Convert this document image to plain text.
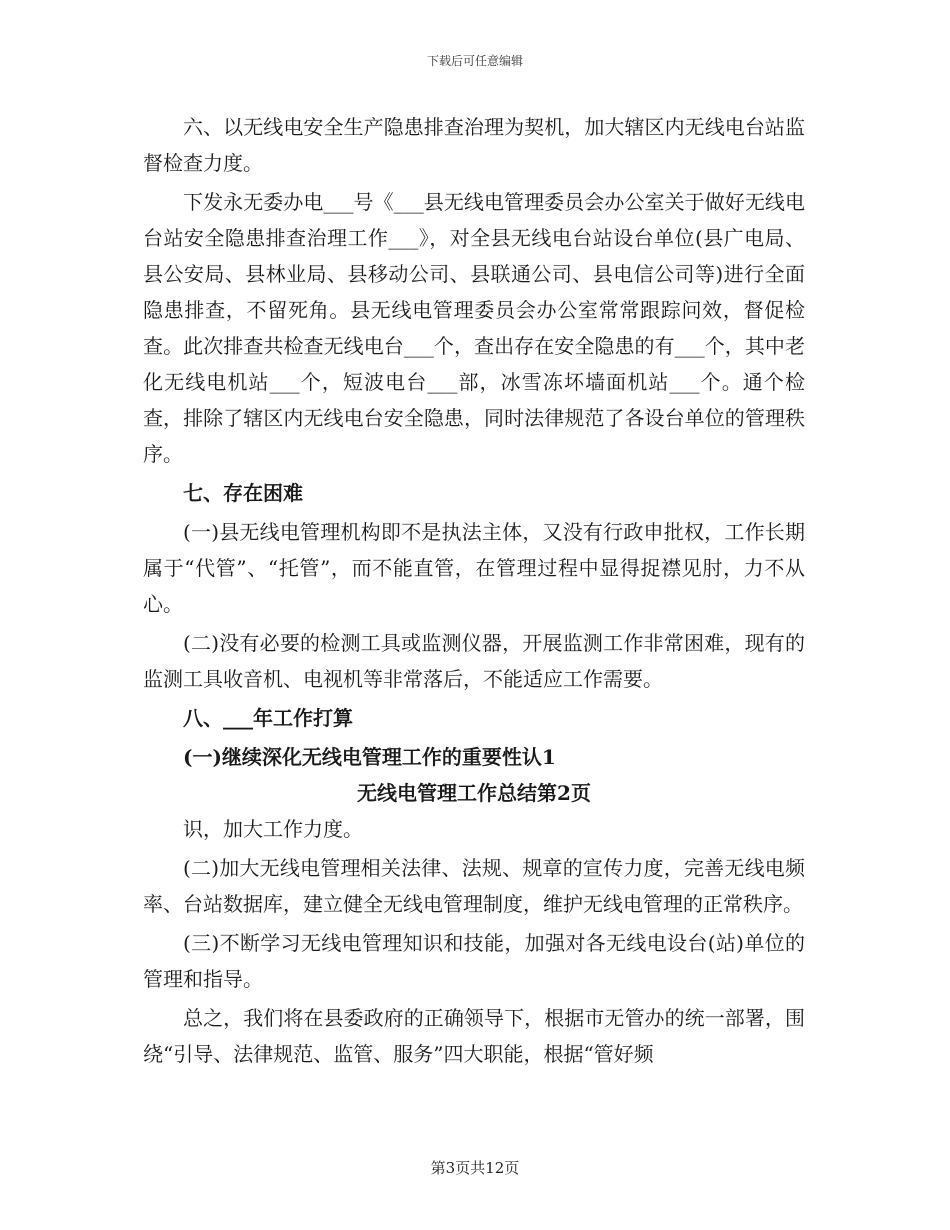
下载后可任意编辑

六、以无线电安全生产隐患排查治理为契机，加大辖区内无线电台站监督检查力度。

下发永无委办电___号《___县无线电管理委员会办公室关于做好无线电台站安全隐患排查治理工作___》，对全县无线电台站设台单位(县广电局、县公安局、县林业局、县移动公司、县联通公司、县电信公司等)进行全面隐患排查，不留死角。县无线电管理委员会办公室常常跟踪问效，督促检查。此次排查共检查无线电台___个，查出存在安全隐患的有___个，其中老化无线电机站___个，短波电台___部，冰雪冻坏墙面机站___个。通个检查，排除了辖区内无线电台安全隐患，同时法律规范了各设台单位的管理秩序。

七、存在困难

(一)县无线电管理机构即不是执法主体，又没有行政申批权，工作长期属于“代管”、“托管”，而不能直管，在管理过程中显得捉襟见肘，力不从心。

(二)没有必要的检测工具或监测仪器，开展监测工作非常困难，现有的监测工具收音机、电视机等非常落后，不能适应工作需要。

八、___年工作打算

(一)继续深化无线电管理工作的重要性认1

无线电管理工作总结第2页

识，加大工作力度。

(二)加大无线电管理相关法律、法规、规章的宣传力度，完善无线电频率、台站数据库，建立健全无线电管理制度，维护无线电管理的正常秩序。

(三)不断学习无线电管理知识和技能，加强对各无线电设台(站)单位的管理和指导。

总之，我们将在县委政府的正确领导下，根据市无管办的统一部署，围绕“引导、法律规范、监管、服务”四大职能，根据“管好频

第3页共12页
